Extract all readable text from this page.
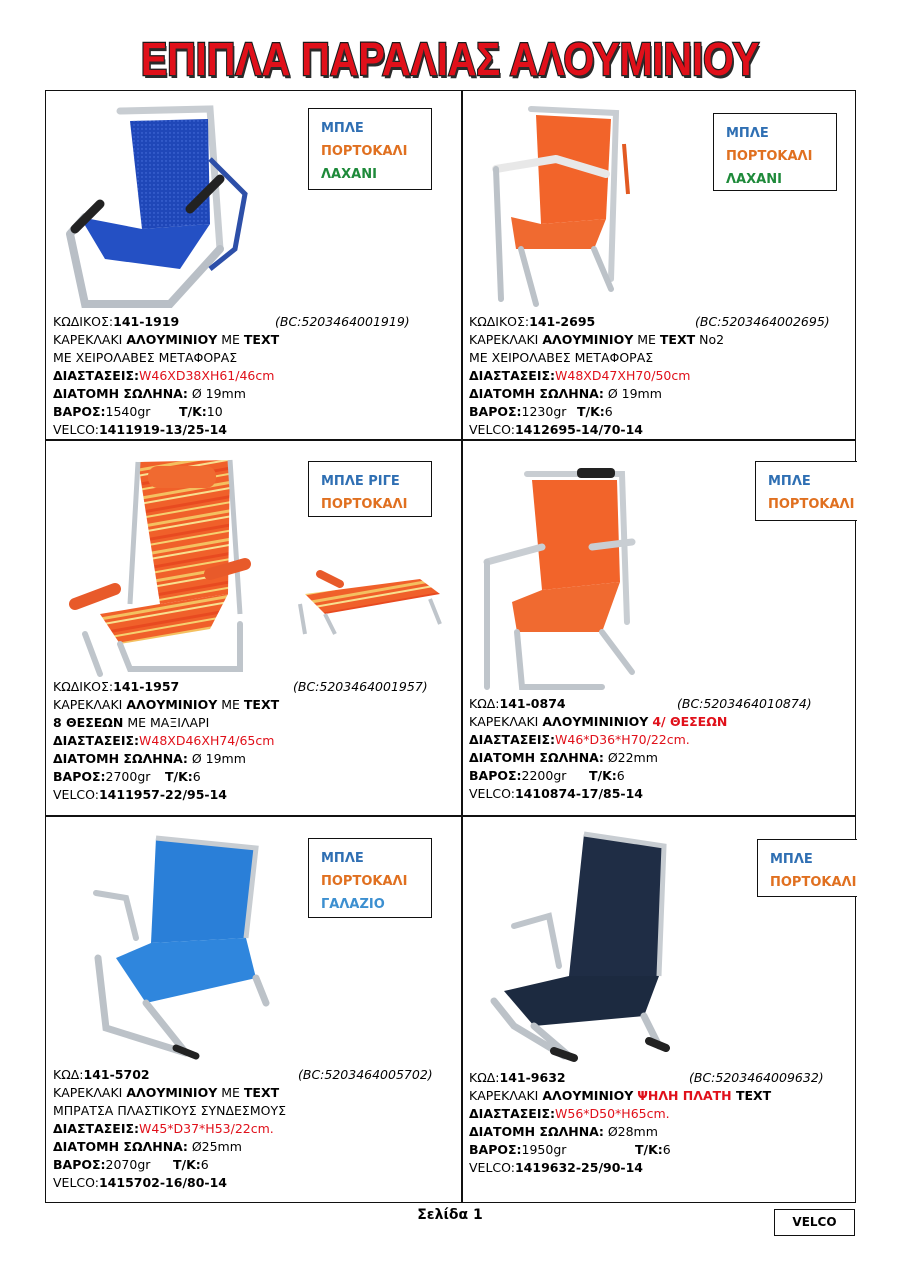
ΕΠΙΠΛΑ ΠΑΡΑΛΙΑΣ ΑΛΟΥΜΙΝΙΟΥ
ΜΠΛΕ
ΠΟΡΤΟΚΑΛΙ
ΛΑΧΑΝΙ
ΚΩΔΙΚΟΣ:141-1919	(BC:5203464001919)
ΚΑΡΕΚΛΑΚΙ ΑΛΟΥΜΙΝΙΟΥ ΜΕ TEXT
ΜΕ ΧΕΙΡΟΛΑΒΕΣ ΜΕΤΑΦΟΡΑΣ
ΔΙΑΣΤΑΣΕΙΣ:W46XD38XH61/46cm
ΔΙΑΤΟΜΗ ΣΩΛΗΝΑ: Ø 19mm
ΒΑΡΟΣ:1540gr Τ/Κ:10
VELCO:1411919-13/25-14
ΜΠΛΕ
ΠΟΡΤΟΚΑΛΙ
ΛΑΧΑΝΙ
ΚΩΔΙΚΟΣ:141-2695	(BC:5203464002695)
ΚΑΡΕΚΛΑΚΙ ΑΛΟΥΜΙΝΙΟΥ ΜΕ TEXT No2
ΜΕ ΧΕΙΡΟΛΑΒΕΣ ΜΕΤΑΦΟΡΑΣ
ΔΙΑΣΤΑΣΕΙΣ:W48XD47XH70/50cm
ΔΙΑΤΟΜΗ ΣΩΛΗΝΑ: Ø 19mm
ΒΑΡΟΣ:1230gr Τ/Κ:6
VELCO:1412695-14/70-14
ΜΠΛΕ ΡΙΓΕ
ΠΟΡΤΟΚΑΛΙ
ΚΩΔΙΚΟΣ:141-1957	(BC:5203464001957)
ΚΑΡΕΚΛΑΚΙ ΑΛΟΥΜΙΝΙΟΥ ΜΕ TEXT
8 ΘΕΣΕΩΝ ΜΕ ΜΑΞΙΛΑΡΙ
ΔΙΑΣΤΑΣΕΙΣ:W48XD46XH74/65cm
ΔΙΑΤΟΜΗ ΣΩΛΗΝΑ: Ø 19mm
ΒΑΡΟΣ:2700gr Τ/Κ:6
VELCO:1411957-22/95-14
ΜΠΛΕ
ΠΟΡΤΟΚΑΛΙ
ΚΩΔ:141-0874	(BC:5203464010874)
ΚΑΡΕΚΛΑΚΙ ΑΛΟΥΜΙΝΙΝΙΟΥ 4/ ΘΕΣΕΩΝ
ΔΙΑΣΤΑΣΕΙΣ:W46*D36*H70/22cm.
ΔΙΑΤΟΜΗ ΣΩΛΗΝΑ: Ø22mm
ΒΑΡΟΣ:2200gr Τ/Κ:6
VELCO:1410874-17/85-14
ΜΠΛΕ
ΠΟΡΤΟΚΑΛΙ
ΓΑΛΑΖΙΟ
ΚΩΔ:141-5702	(BC:5203464005702)
ΚΑΡΕΚΛΑΚΙ ΑΛΟΥΜΙΝΙΟΥ ΜΕ TEXT
ΜΠΡΑΤΣΑ ΠΛΑΣΤΙΚΟΥΣ ΣΥΝΔΕΣΜΟΥΣ
ΔΙΑΣΤΑΣΕΙΣ:W45*D37*H53/22cm.
ΔΙΑΤΟΜΗ ΣΩΛΗΝΑ: Ø25mm
ΒΑΡΟΣ:2070gr Τ/Κ:6
VELCO:1415702-16/80-14
ΜΠΛΕ
ΠΟΡΤΟΚΑΛΙ
ΚΩΔ:141-9632	(BC:5203464009632)
ΚΑΡΕΚΛΑΚΙ ΑΛΟΥΜΙΝΙΟΥ ΨΗΛΗ ΠΛΑΤΗ TEXT
ΔΙΑΣΤΑΣΕΙΣ:W56*D50*H65cm.
ΔΙΑΤΟΜΗ ΣΩΛΗΝΑ: Ø28mm
ΒΑΡΟΣ:1950gr	Τ/Κ:6
VELCO:1419632-25/90-14
Σελίδα 1	VELCO
